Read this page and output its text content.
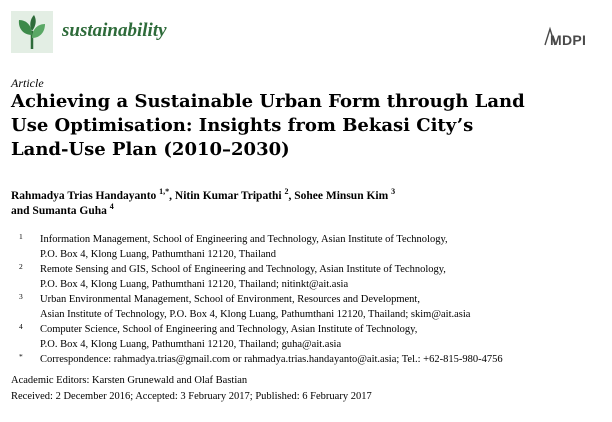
sustainability	MDPI
Article
Achieving a Sustainable Urban Form through Land
Use Optimisation: Insights from Bekasi City’s
Land-Use Plan (2010–2030)
Rahmadya Trias Handayanto $^{1,*}$, Nitin Kumar Tripathi $^2$, Sohee Minsun Kim $^3$
and Sumanta Guha $^4$
1 Information Management, School of Engineering and Technology, Asian Institute of Technology,
P.O. Box 4, Klong Luang, Pathumthani 12120, Thailand
2 Remote Sensing and GIS, School of Engineering and Technology, Asian Institute of Technology,
P.O. Box 4, Klong Luang, Pathumthani 12120, Thailand; nitinkt@ait.asia
3 Urban Environmental Management, School of Environment, Resources and Development,
Asian Institute of Technology, P.O. Box 4, Klong Luang, Pathumthani 12120, Thailand; skim@ait.asia
4 Computer Science, School of Engineering and Technology, Asian Institute of Technology,
P.O. Box 4, Klong Luang, Pathumthani 12120, Thailand; guha@ait.asia
* Correspondence: rahmadya.trias@gmail.com or rahmadya.trias.handayanto@ait.asia; Tel.: +62-815-980-4756
Academic Editors: Karsten Grunewald and Olaf Bastian
Received: 2 December 2016; Accepted: 3 February 2017; Published: 6 February 2017
